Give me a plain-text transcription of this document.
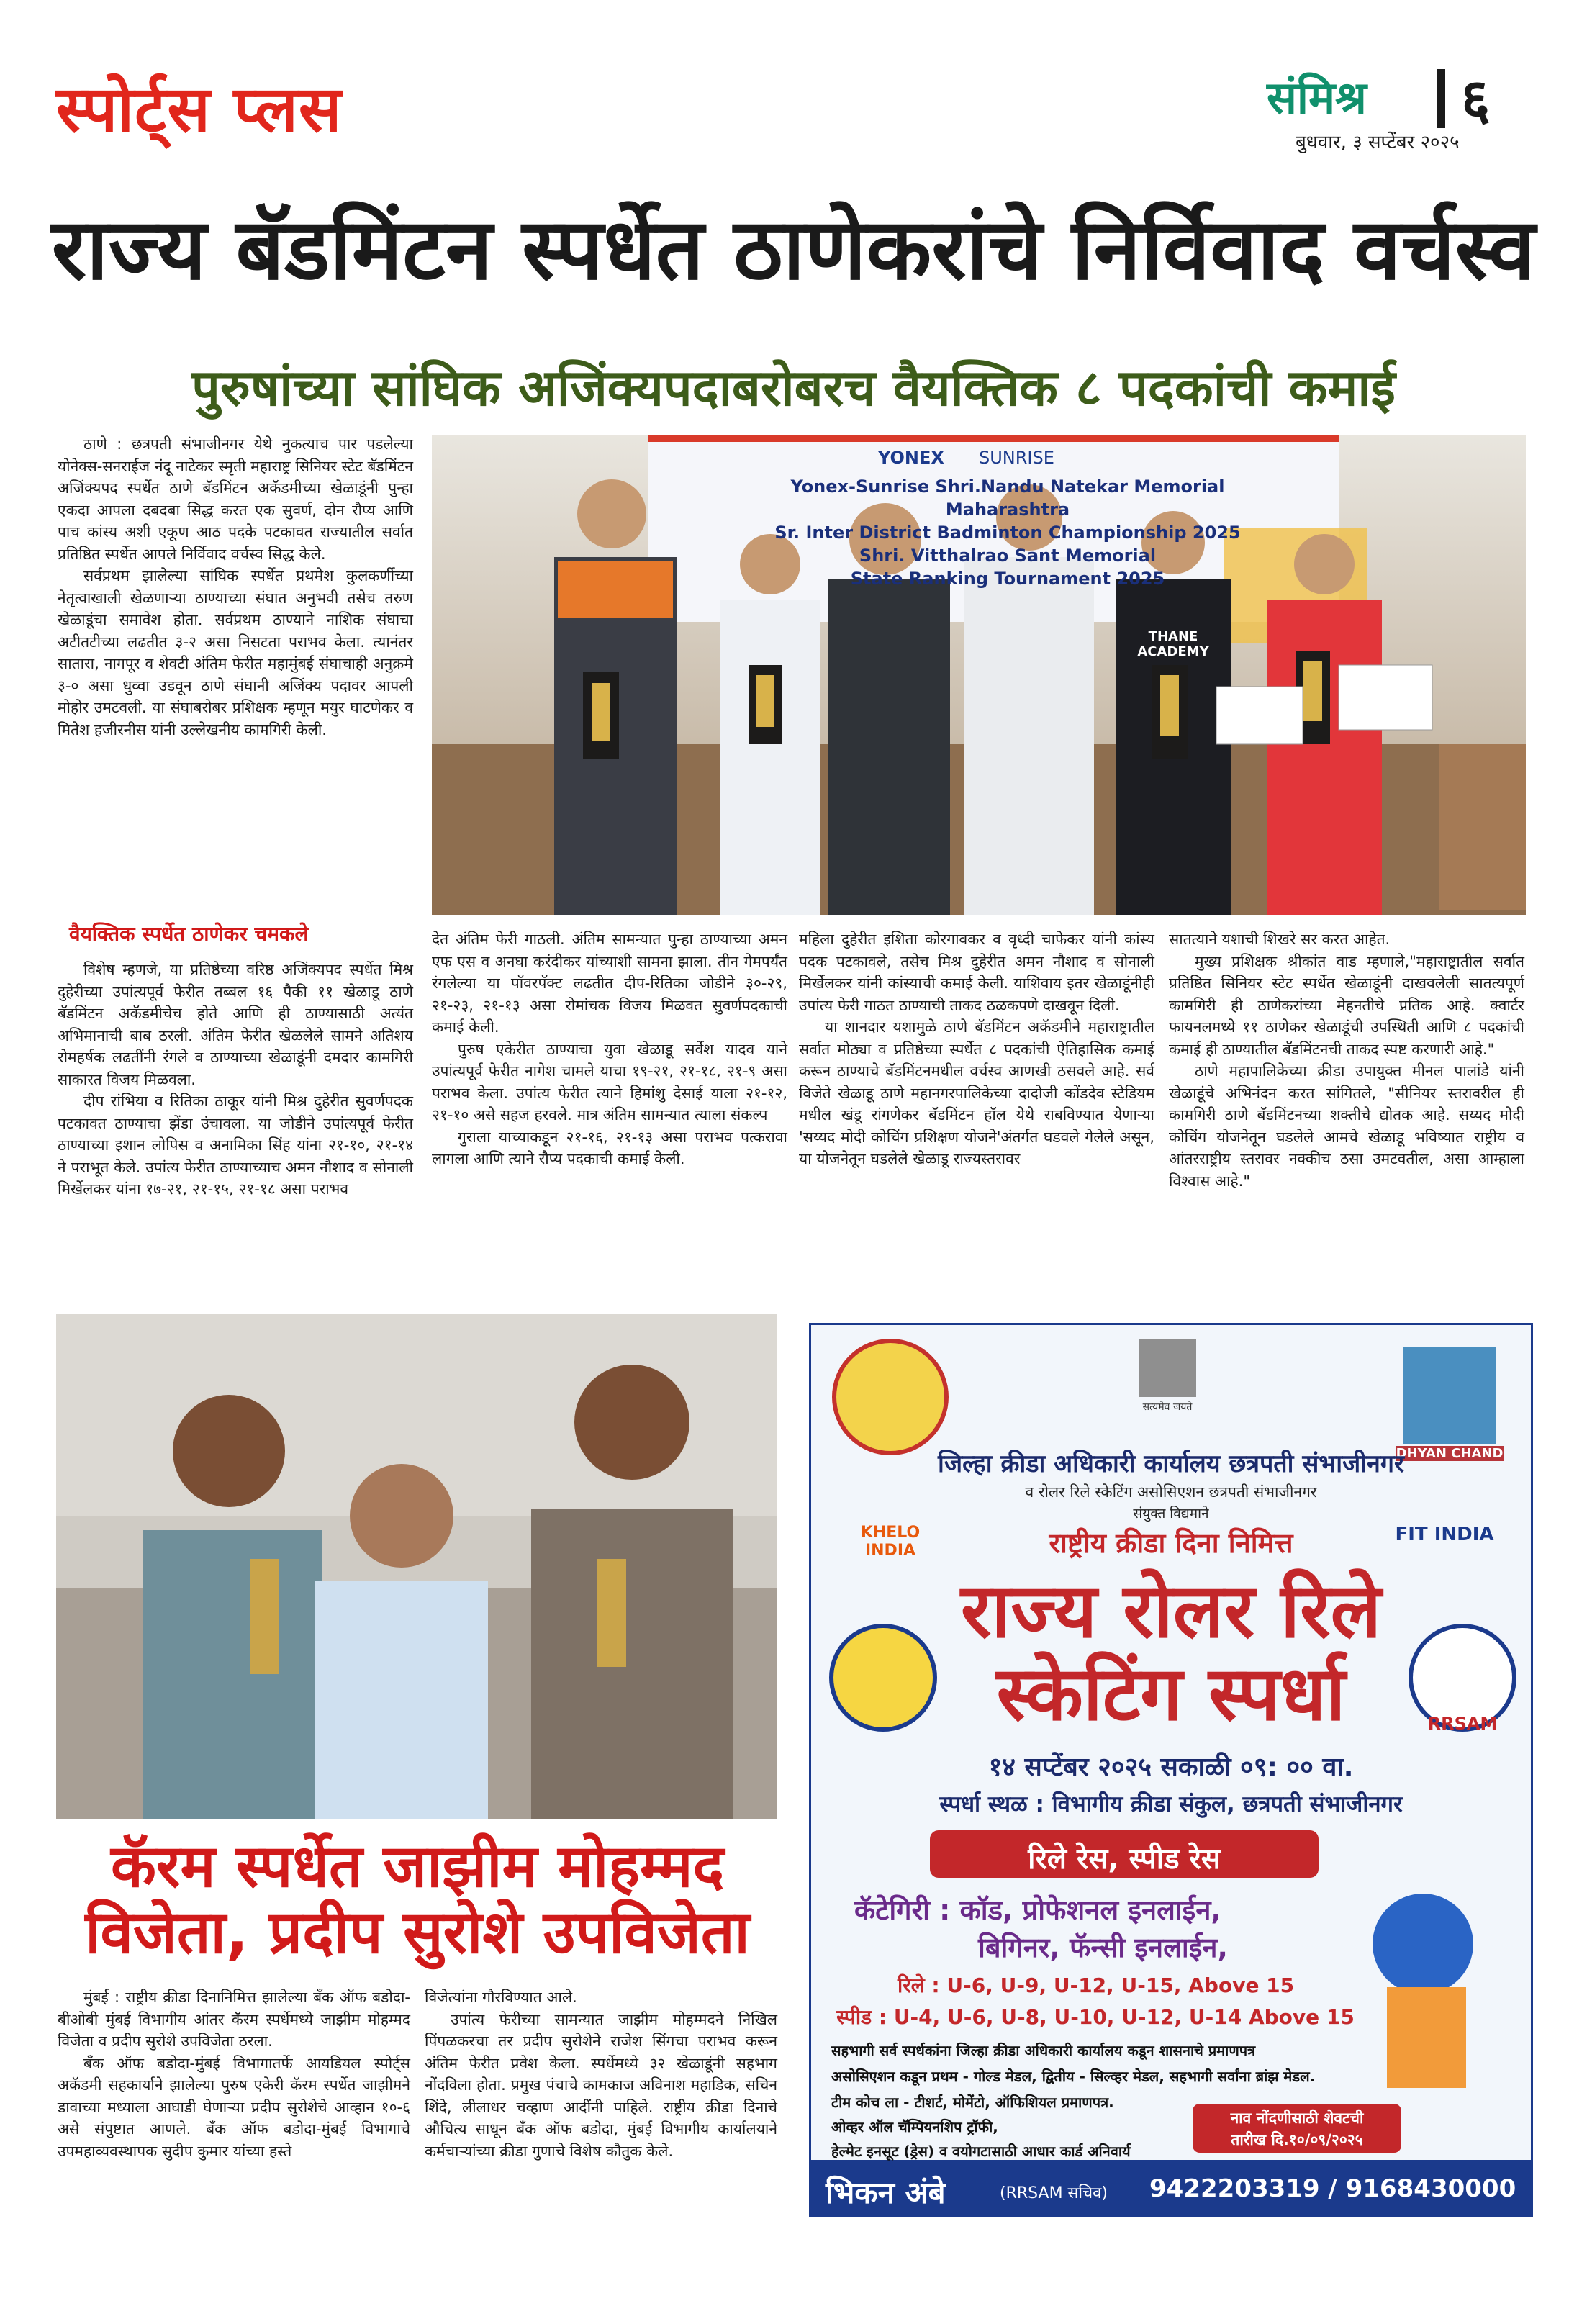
स्पोर्ट्स प्लस	संमिश्र ६
बुधवार, ३ सप्टेंबर २०२५
राज्य बॅडमिंटन स्पर्धेत ठाणेकरांचे निर्विवाद वर्चस्व
पुरुषांच्या सांघिक अजिंक्यपदाबरोबरच वैयक्तिक ८ पदकांची कमाई

ठाणे : छत्रपती संभाजीनगर येथे नुकत्याच पार पडलेल्या योनेक्स-सनराईज नंदू नाटेकर स्मृती महाराष्ट्र सिनियर स्टेट बॅडमिंटन अजिंक्यपद स्पर्धेत ठाणे बॅडमिंटन अकॅडमीच्या खेळाडूंनी पुन्हा एकदा आपला दबदबा सिद्ध करत एक सुवर्ण, दोन रौप्य आणि पाच कांस्य अशी एकूण आठ पदके पटकावत राज्यातील सर्वात प्रतिष्ठित स्पर्धेत आपले निर्विवाद वर्चस्व सिद्ध केले.

सर्वप्रथम झालेल्या सांघिक स्पर्धेत प्रथमेश कुलकर्णीच्या नेतृत्वाखाली खेळणाऱ्या ठाण्याच्या संघात अनुभवी तसेच तरुण खेळाडूंचा समावेश होता. सर्वप्रथम ठाण्याने नाशिक संघाचा अटीतटीच्या लढतीत ३-२ असा निसटता पराभव केला. त्यानंतर सातारा, नागपूर व शेवटी अंतिम फेरीत महामुंबई संघाचाही अनुक्रमे ३-० असा धुव्वा उडवून ठाणे संघानी अजिंक्य पदावर आपली मोहोर उमटवली. या संघाबरोबर प्रशिक्षक म्हणून मयुर घाटणेकर व मितेश हजीरनीस यांनी उल्लेखनीय कामगिरी केली.

वैयक्तिक स्पर्धेत ठाणेकर चमकले

विशेष म्हणजे, या प्रतिष्ठेच्या वरिष्ठ अजिंक्यपद स्पर्धेत मिश्र दुहेरीच्या उपांत्यपूर्व फेरीत तब्बल १६ पैकी ११ खेळाडू ठाणे बॅडमिंटन अकॅडमीचेच होते आणि ही ठाण्यासाठी अत्यंत अभिमानाची बाब ठरली. अंतिम फेरीत खेळलेले सामने अतिशय रोमहर्षक लढतींनी रंगले व ठाण्याच्या खेळाडूंनी दमदार कामगिरी साकारत विजय मिळवला.

दीप रांभिया व रितिका ठाकूर यांनी मिश्र दुहेरीत सुवर्णपदक पटकावत ठाण्याचा झेंडा उंचावला. या जोडीने उपांत्यपूर्व फेरीत ठाण्याच्या इशान लोपिस व अनामिका सिंह यांना २१-१०, २१-१४ ने पराभूत केले. उपांत्य फेरीत ठाण्याच्याच अमन नौशाद व सोनाली मिर्खेलकर यांना १७-२१, २१-१५, २१-१८ असा पराभव

YONEX	SUNRISE
Yonex-Sunrise Shri.Nandu Natekar Memorial
Maharashtra
Sr. Inter District Badminton Championship 2025
Shri. Vitthalrao Sant Memorial
State Ranking Tournament 2025
THANE ACADEMY

देत अंतिम फेरी गाठली. अंतिम सामन्यात पुन्हा ठाण्याच्या अमन एफ एस व अनघा करंदीकर यांच्याशी सामना झाला. तीन गेमपर्यंत रंगलेल्या या पॉवरपॅक्ट लढतीत दीप-रितिका जोडीने ३०-२९, २१-२३, २१-१३ असा रोमांचक विजय मिळवत सुवर्णपदकाची कमाई केली.

पुरुष एकेरीत ठाण्याचा युवा खेळाडू सर्वेश यादव याने उपांत्यपूर्व फेरीत नागेश चामले याचा १९-२१, २१-१८, २१-९ असा पराभव केला. उपांत्य फेरीत त्याने हिमांशु देसाई याला २१-१२, २१-१० असे सहज हरवले. मात्र अंतिम सामन्यात त्याला संकल्प

गुराला याच्याकडून २१-१६, २१-१३ असा पराभव पत्करावा लागला आणि त्याने रौप्य पदकाची कमाई केली.

महिला दुहेरीत इशिता कोरगावकर व वृध्दी चाफेकर यांनी कांस्य पदक पटकावले, तसेच मिश्र दुहेरीत अमन नौशाद व सोनाली मिर्खेलकर यांनी कांस्याची कमाई केली. याशिवाय इतर खेळाडूंनीही उपांत्य फेरी गाठत ठाण्याची ताकद ठळकपणे दाखवून दिली.

या शानदार यशामुळे ठाणे बॅडमिंटन अकॅडमीने महाराष्ट्रातील सर्वात मोठ्या व प्रतिष्ठेच्या स्पर्धेत ८ पदकांची ऐतिहासिक कमाई करून ठाण्याचे बॅडमिंटनमधील वर्चस्व आणखी ठसवले आहे. सर्व विजेते खेळाडू ठाणे महानगरपालिकेच्या दादोजी कोंडदेव स्टेडियम मधील खंडू रांगणेकर बॅडमिंटन हॉल येथे राबविण्यात येणाऱ्या 'सय्यद मोदी कोचिंग प्रशिक्षण योजने'अंतर्गत घडवले गेलेले असून, या योजनेतून घडलेले खेळाडू राज्यस्तरावर

सातत्याने यशाची शिखरे सर करत आहेत.

मुख्य प्रशिक्षक श्रीकांत वाड म्हणाले,"महाराष्ट्रातील सर्वात प्रतिष्ठित सिनियर स्टेट स्पर्धेत खेळाडूंनी दाखवलेली सातत्यपूर्ण कामगिरी ही ठाणेकरांच्या मेहनतीचे प्रतिक आहे. क्वार्टर फायनलमध्ये ११ ठाणेकर खेळाडूंची उपस्थिती आणि ८ पदकांची कमाई ही ठाण्यातील बॅडमिंटनची ताकद स्पष्ट करणारी आहे."

ठाणे महापालिकेच्या क्रीडा उपायुक्त मीनल पालांडे यांनी खेळाडूंचे अभिनंदन करत सांगितले, "सीनियर स्तरावरील ही कामगिरी ठाणे बॅडमिंटनच्या शक्तीचे द्योतक आहे. सय्यद मोदी कोचिंग योजनेतून घडलेले आमचे खेळाडू भविष्यात राष्ट्रीय व आंतरराष्ट्रीय स्तरावर नक्कीच ठसा उमटवतील, असा आम्हाला विश्वास आहे."

कॅरम स्पर्धेत जाझीम मोहम्मद
विजेता, प्रदीप सुरोशे उपविजेता

मुंबई : राष्ट्रीय क्रीडा दिनानिमित्त झालेल्या बँक ऑफ बडोदा-बीओबी मुंबई विभागीय आंतर कॅरम स्पर्धेमध्ये जाझीम मोहम्मद विजेता व प्रदीप सुरोशे उपविजेता ठरला.

बँक ऑफ बडोदा-मुंबई विभागातर्फे आयडियल स्पोर्ट्स अकॅडमी सहकार्याने झालेल्या पुरुष एकेरी कॅरम स्पर्धेत जाझीमने डावाच्या मध्याला आघाडी घेणाऱ्या प्रदीप सुरोशेचे आव्हान १०-६ असे संपुष्टात आणले. बँक ऑफ बडोदा-मुंबई विभागाचे उपमहाव्यवस्थापक सुदीप कुमार यांच्या हस्ते

विजेत्यांना गौरविण्यात आले.

उपांत्य फेरीच्या सामन्यात जाझीम मोहम्मदने निखिल पिंपळकरचा तर प्रदीप सुरोशेने राजेश सिंगचा पराभव करून अंतिम फेरीत प्रवेश केला. स्पर्धेमध्ये ३२ खेळाडूंनी सहभाग नोंदविला होता. प्रमुख पंचाचे कामकाज अविनाश महाडिक, सचिन शिंदे, लीलाधर चव्हाण आदींनी पाहिले. राष्ट्रीय क्रीडा दिनाचे औचित्य साधून बँक ऑफ बडोदा, मुंबई विभागीय कार्यालयाने कर्मचाऱ्यांच्या क्रीडा गुणाचे विशेष कौतुक केले.

सत्यमेव जयते
DHYAN CHAND
जिल्हा क्रीडा अधिकारी कार्यालय छत्रपती संभाजीनगर
व रोलर रिले स्केटिंग असोसिएशन छत्रपती संभाजीनगर
संयुक्त विद्यमाने
KHELO INDIA
FIT INDIA
राष्ट्रीय क्रीडा दिना निमित्त
राज्य रोलर रिले
स्केटिंग स्पर्धा	RRSAM
१४ सप्टेंबर २०२५ सकाळी ०९: ०० वा.
स्पर्धा स्थळ : विभागीय क्रीडा संकुल, छत्रपती संभाजीनगर
रिले रेस, स्पीड रेस
कॅटेगिरी : कॉड, प्रोफेशनल इनलाईन,
बिगिनर, फॅन्सी इनलाईन,
रिले : U-6, U-9, U-12, U-15, Above 15
स्पीड : U-4, U-6, U-8, U-10, U-12, U-14 Above 15
सहभागी सर्व स्पर्धकांना जिल्हा क्रीडा अधिकारी कार्यालय कडून शासनाचे प्रमाणपत्र
असोसिएशन कडून प्रथम - गोल्ड मेडल, द्वितीय - सिल्व्हर मेडल, सहभागी सर्वांना ब्रांझ मेडल.
टीम कोच ला - टीशर्ट, मोमेंटो, ऑफिशियल प्रमाणपत्र.
ओव्हर ऑल चॅम्पियनशिप ट्रॉफी,
हेल्मेट इनसूट (ड्रेस) व वयोगटासाठी आधार कार्ड अनिवार्य
नाव नोंदणीसाठी शेवटची
तारीख दि.१०/०९/२०२५
भिकन अंबे	(RRSAM सचिव)	9422203319 / 9168430000
